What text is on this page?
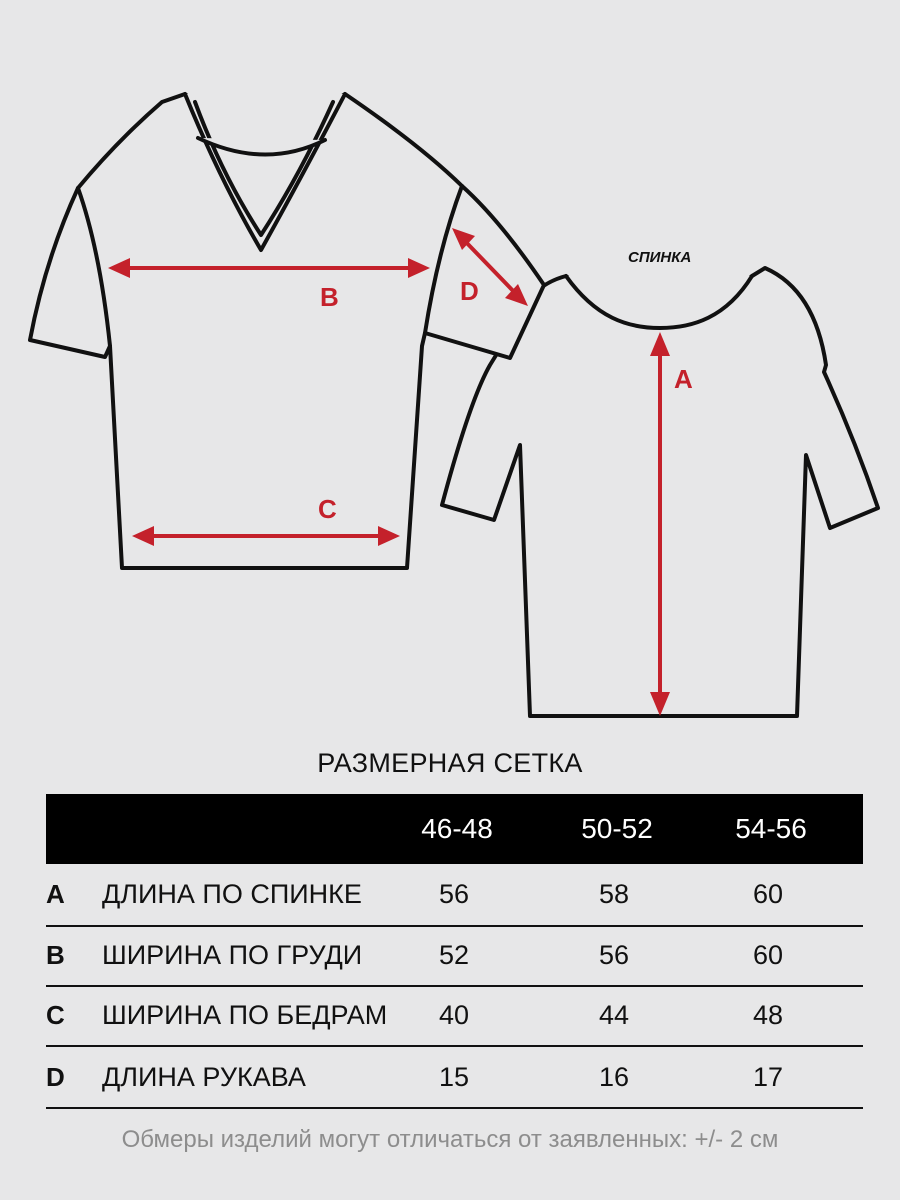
B
C
D
A
СПИНКА
РАЗМЕРНАЯ СЕТКА
46-48	50-52	54-56
A ДЛИНА ПО СПИНКЕ	56	58	60
B ШИРИНА ПО ГРУДИ	52	56	60
C ШИРИНА ПО БЕДРАМ	40	44	48
D ДЛИНА РУКАВА	15	16	17
Обмеры изделий могут отличаться от заявленных: +/- 2 см
